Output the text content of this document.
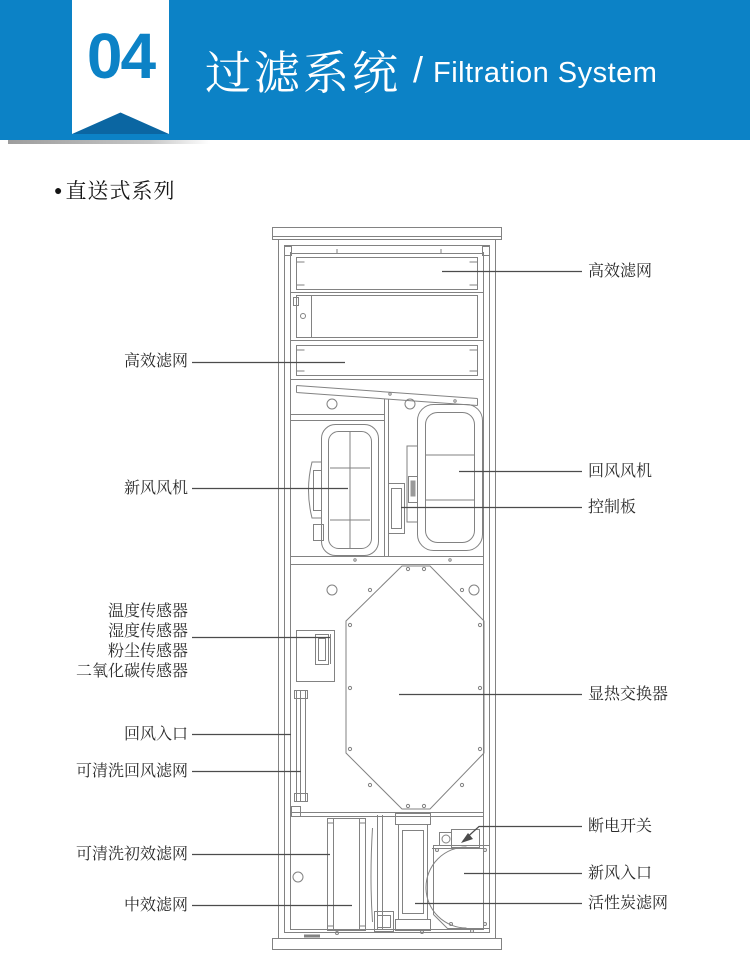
04	过滤系统 / Filtration System
● 直送式系列
高效滤网
新风风机
温度传感器
湿度传感器
粉尘传感器
二氧化碳传感器
回风入口
可清洗回风滤网
可清洗初效滤网
中效滤网
高效滤网
回风风机
控制板
显热交换器
断电开关
新风入口
活性炭滤网
